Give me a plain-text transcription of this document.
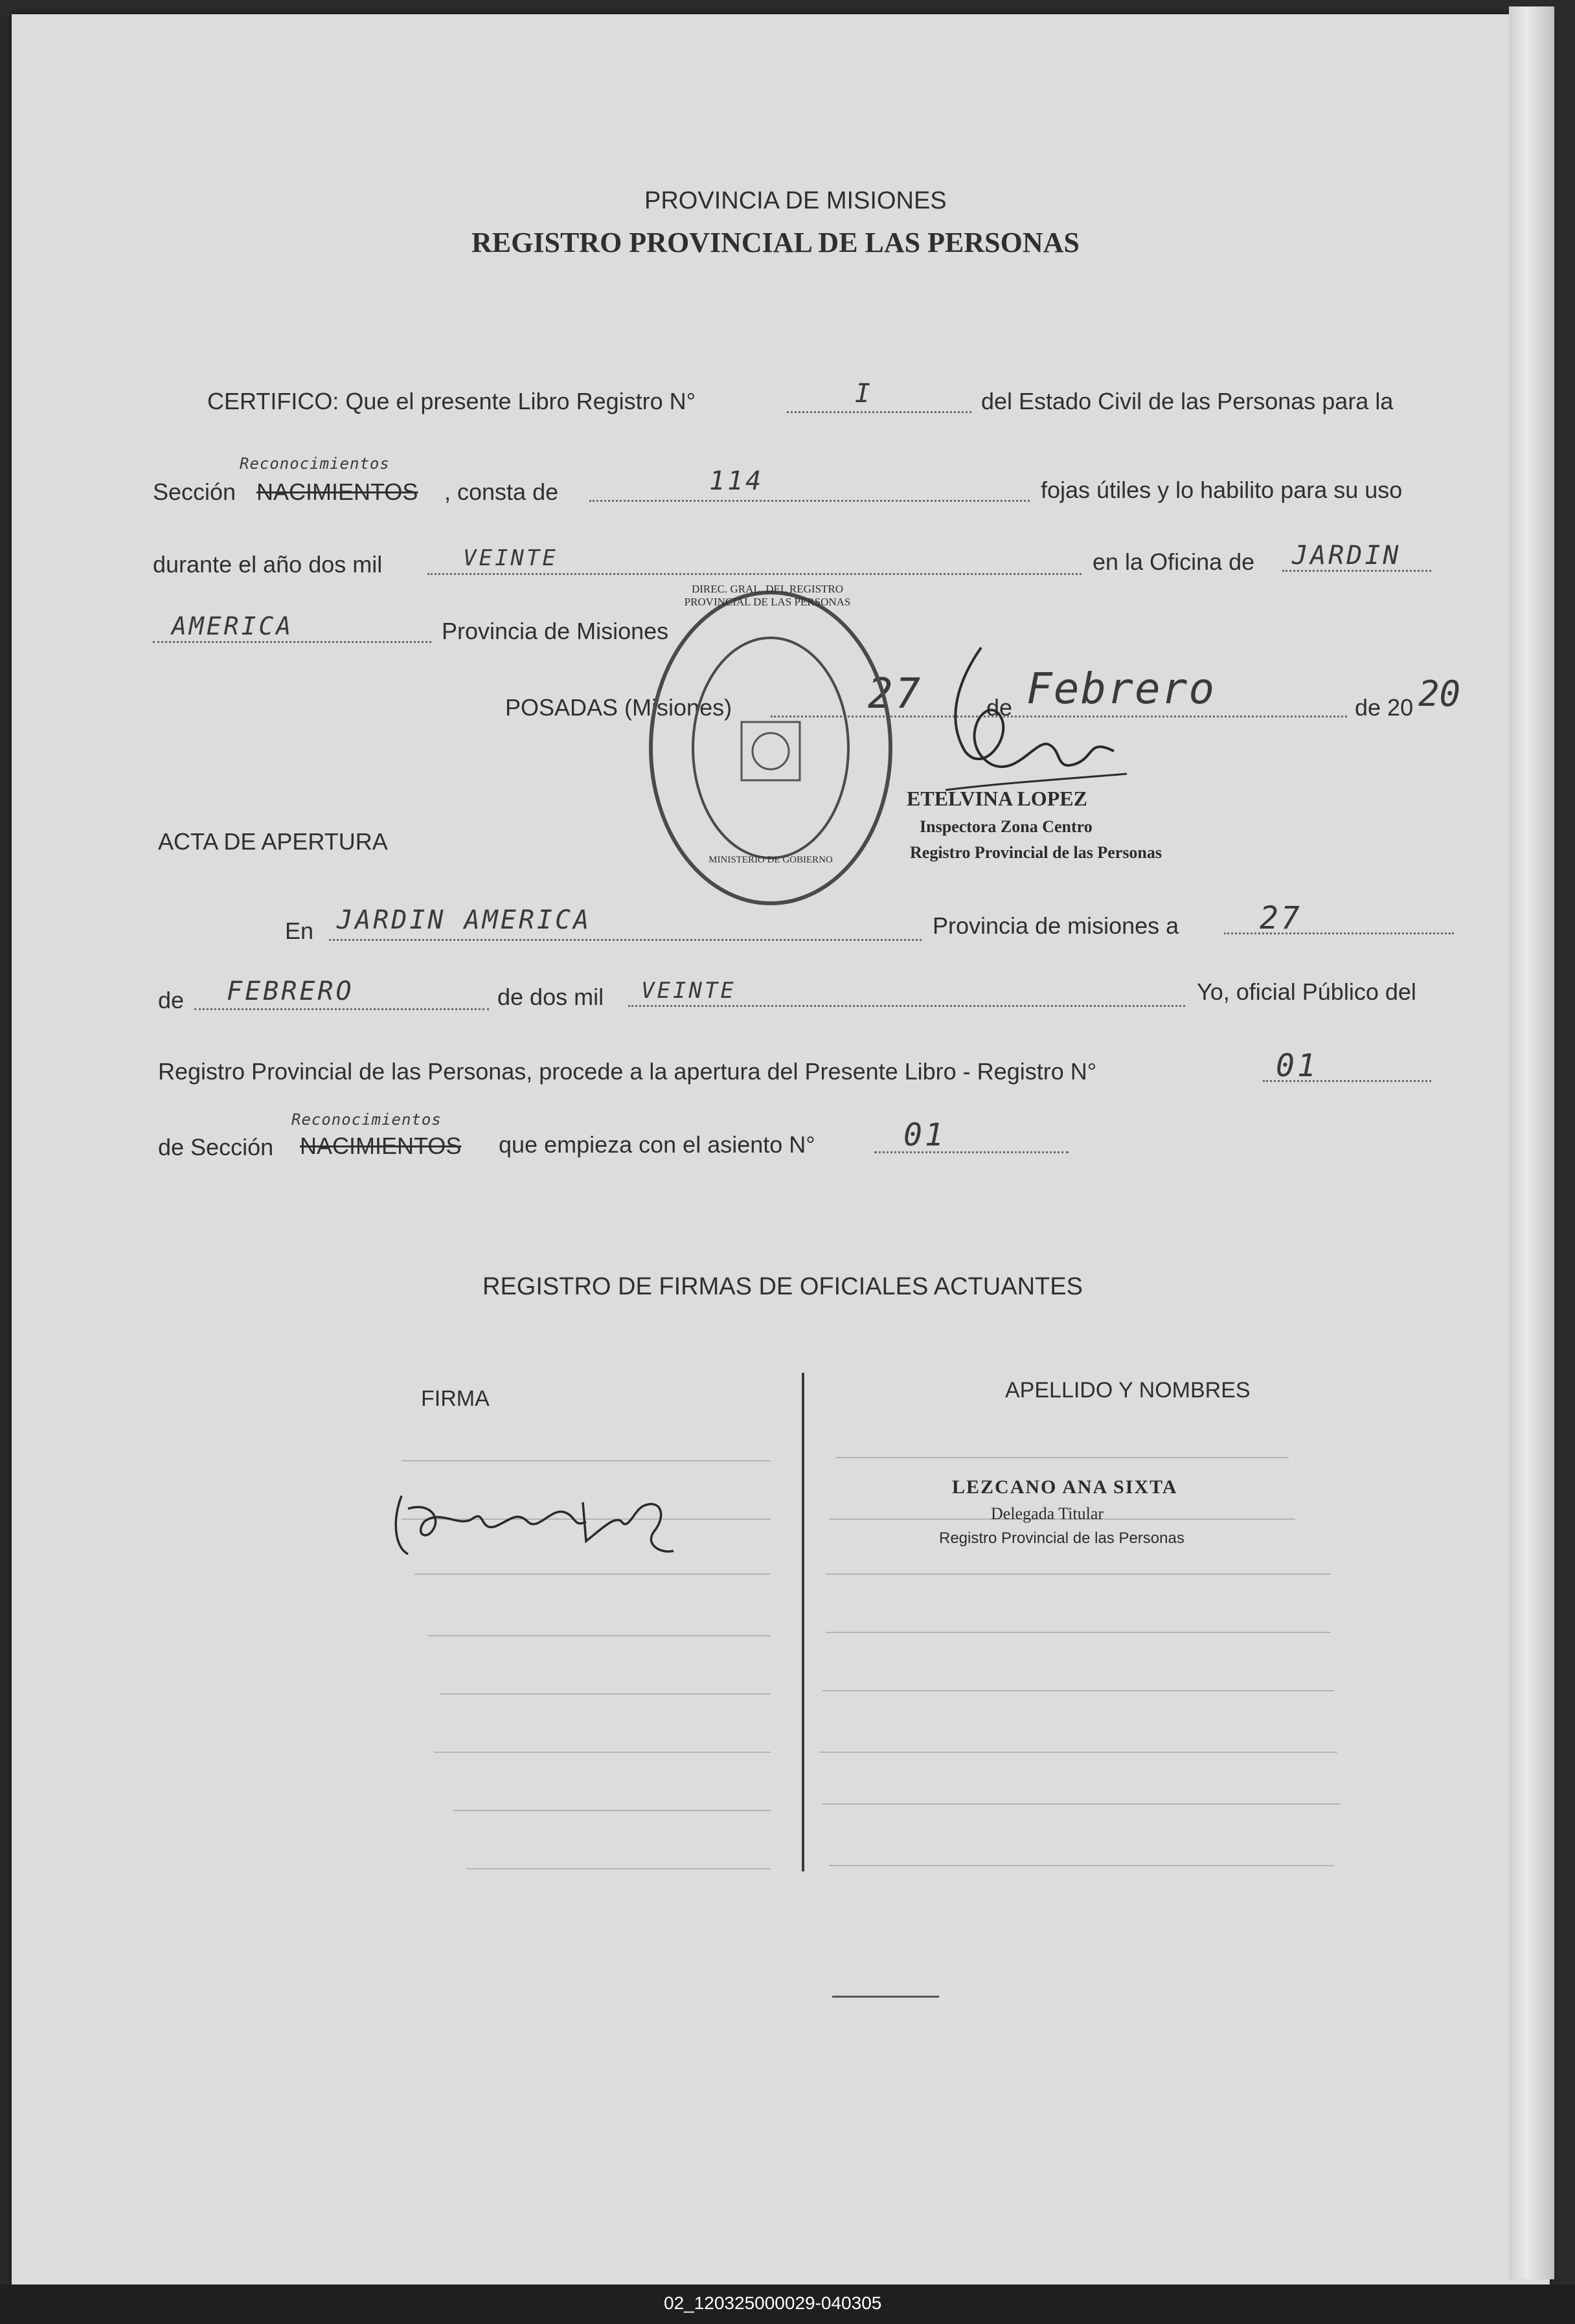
PROVINCIA DE MISIONES
REGISTRO PROVINCIAL DE LAS PERSONAS
CERTIFICO: Que el presente Libro Registro N°	I	del Estado Civil de las Personas para la
Sección NACIMIENTOS
Reconocimientos
, consta de	114	fojas útiles y lo habilito para su uso
durante el año dos mil	VEINTE	en la Oficina de JARDIN
AMERICA	Provincia de Misiones
POSADAS (Misiones)	27	de Febrero	de 20 20
DIREC. GRAL. DEL REGISTRO PROVINCIAL DE LAS PERSONAS
MINISTERIO DE GOBIERNO
ETELVINA LOPEZ
Inspectora Zona Centro
Registro Provincial de las Personas
ACTA DE APERTURA
En JARDIN AMERICA	Provincia de misiones a	27
de FEBRERO	de dos mil VEINTE	Yo, oficial Público del
Registro Provincial de las Personas, procede a la apertura del Presente Libro - Registro N°	01
de Sección NACIMIENTOS
Reconocimientos
que empieza con el asiento N°	01
REGISTRO DE FIRMAS DE OFICIALES ACTUANTES
FIRMA	APELLIDO Y NOMBRES
LEZCANO ANA SIXTA
Delegada Titular
Registro Provincial de las Personas
02_120325000029-040305
